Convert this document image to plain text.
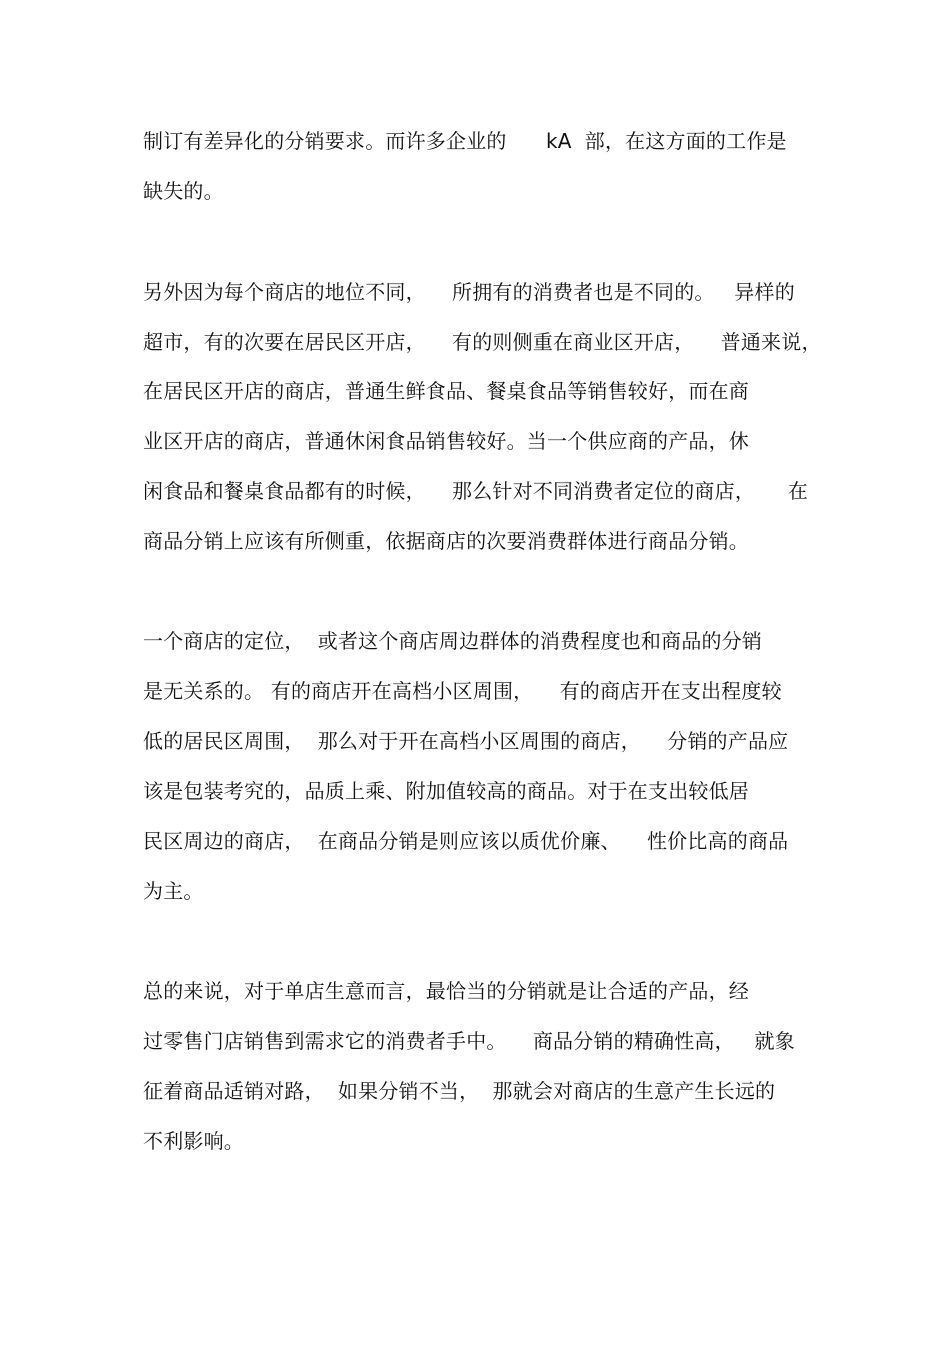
制订有差异化的分销要求。而许多企业的      kA  部，在这方面的工作是
缺失的。
另外因为每个商店的地位不同，    所拥有的消费者也是不同的。   异样的
超市，有的次要在居民区开店，    有的则侧重在商业区开店，    普通来说，
在居民区开店的商店，普通生鲜食品、餐桌食品等销售较好，而在商
业区开店的商店，普通休闲食品销售较好。当一个供应商的产品，休
闲食品和餐桌食品都有的时候，    那么针对不同消费者定位的商店，     在
商品分销上应该有所侧重，依据商店的次要消费群体进行商品分销。
一个商店的定位，  或者这个商店周边群体的消费程度也和商品的分销
是无关系的。 有的商店开在高档小区周围，    有的商店开在支出程度较
低的居民区周围，  那么对于开在高档小区周围的商店，    分销的产品应
该是包装考究的，品质上乘、附加值较高的商品。对于在支出较低居
民区周边的商店，  在商品分销是则应该以质优价廉、    性价比高的商品
为主。
总的来说，对于单店生意而言，最恰当的分销就是让合适的产品，经
过零售门店销售到需求它的消费者手中。    商品分销的精确性高，   就象
征着商品适销对路，  如果分销不当，  那就会对商店的生意产生长远的
不利影响。
